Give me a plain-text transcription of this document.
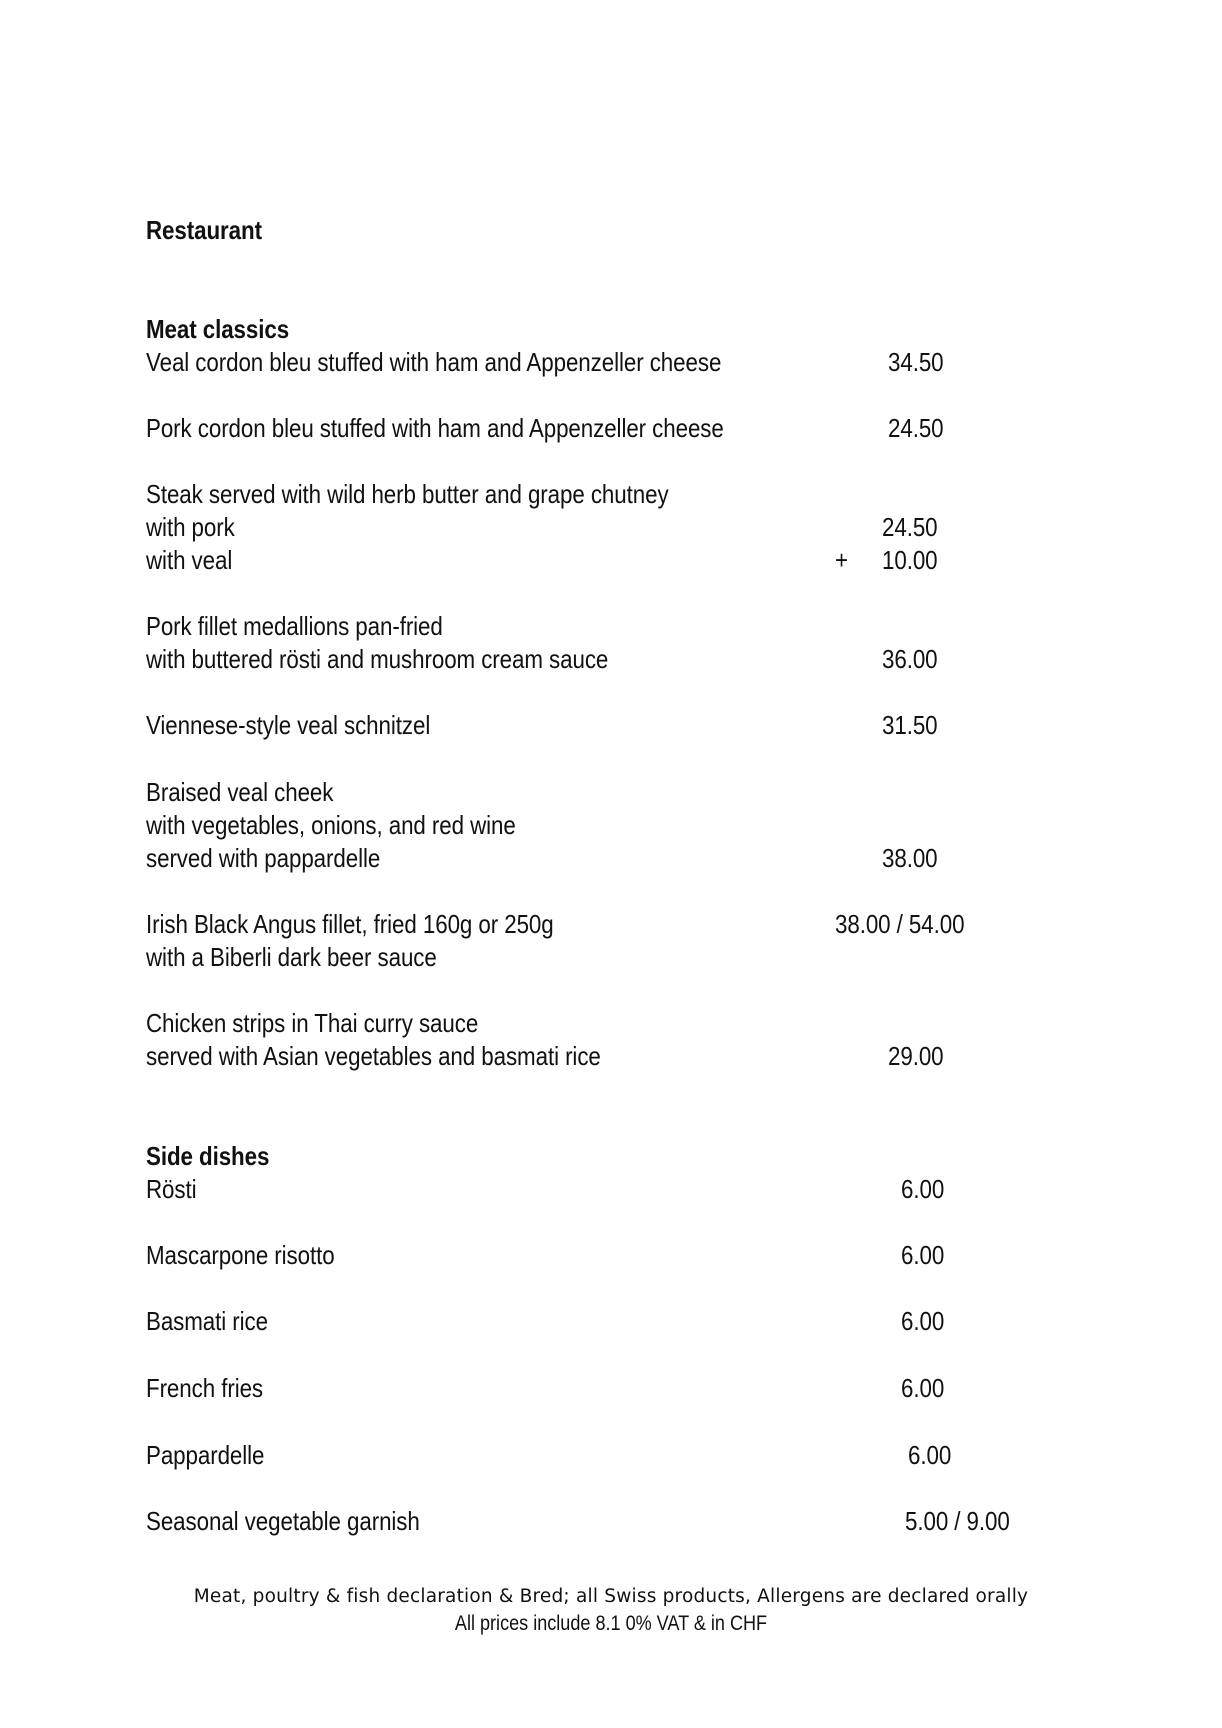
Restaurant
Meat classics
Veal cordon bleu stuffed with ham and Appenzeller cheese	34.50
Pork cordon bleu stuffed with ham and Appenzeller cheese	24.50
Steak served with wild herb butter and grape chutney
with pork	24.50
with veal	+ 10.00
Pork fillet medallions pan-fried
with buttered rösti and mushroom cream sauce	36.00
Viennese-style veal schnitzel	31.50
Braised veal cheek
with vegetables, onions, and red wine
served with pappardelle	38.00
Irish Black Angus fillet, fried 160g or 250g	38.00 / 54.00
with a Biberli dark beer sauce
Chicken strips in Thai curry sauce
served with Asian vegetables and basmati rice	29.00
Side dishes
Rösti	6.00
Mascarpone risotto	6.00
Basmati rice	6.00
French fries	6.00
Pappardelle	6.00
Seasonal vegetable garnish	5.00 / 9.00
Meat, poultry & fish declaration & Bred; all Swiss products, Allergens are declared orally
All prices include 8.1 0% VAT & in CHF
